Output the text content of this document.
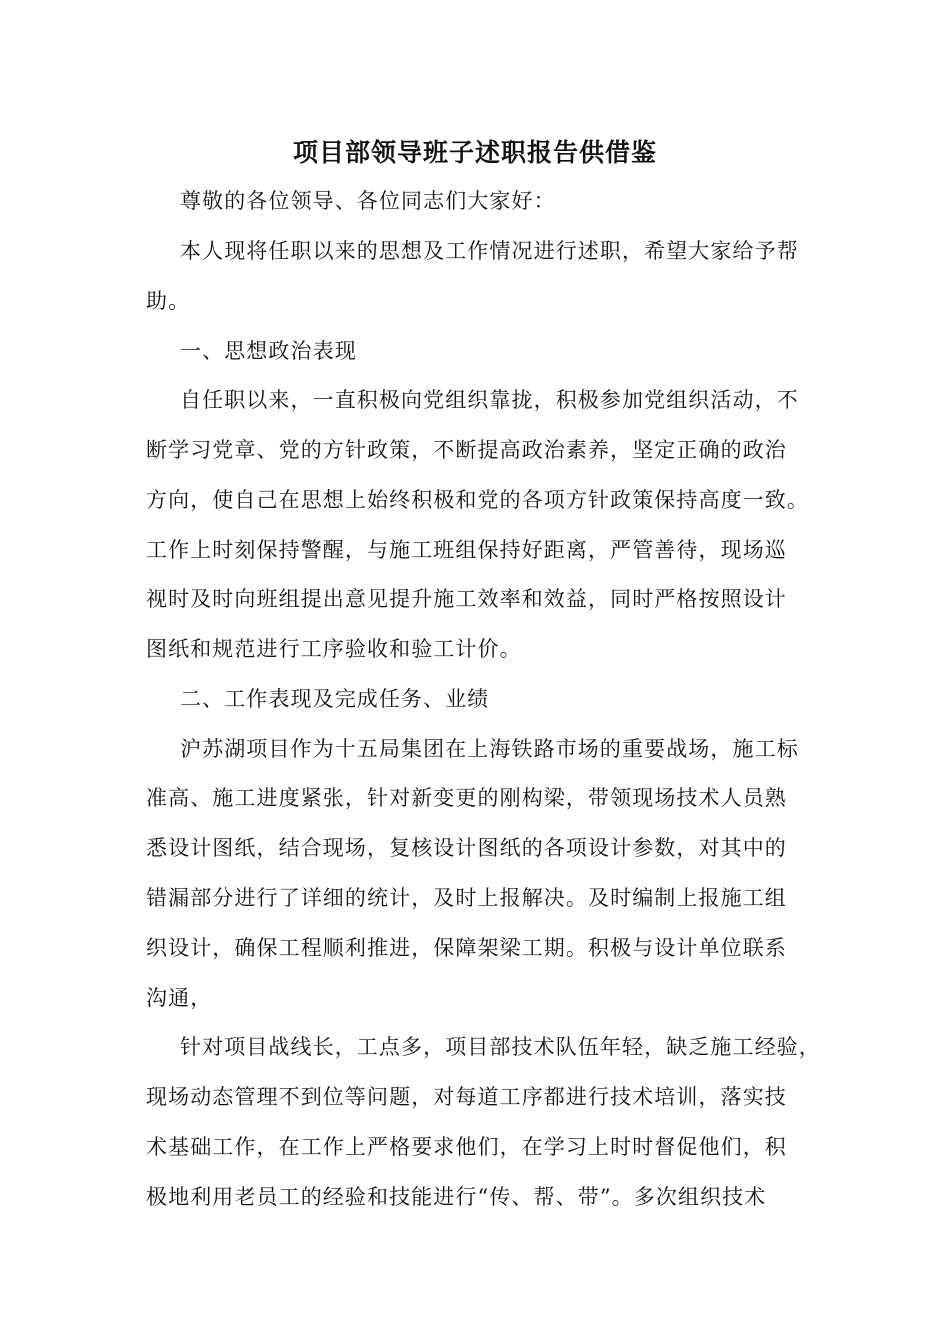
项目部领导班子述职报告供借鉴
尊敬的各位领导、各位同志们大家好：
本人现将任职以来的思想及工作情况进行述职，希望大家给予帮
助。
一、思想政治表现
自任职以来，一直积极向党组织靠拢，积极参加党组织活动，不
断学习党章、党的方针政策，不断提高政治素养，坚定正确的政治
方向，使自己在思想上始终积极和党的各项方针政策保持高度一致。
工作上时刻保持警醒，与施工班组保持好距离，严管善待，现场巡
视时及时向班组提出意见提升施工效率和效益，同时严格按照设计
图纸和规范进行工序验收和验工计价。
二、工作表现及完成任务、业绩
沪苏湖项目作为十五局集团在上海铁路市场的重要战场，施工标
准高、施工进度紧张，针对新变更的刚构梁，带领现场技术人员熟
悉设计图纸，结合现场，复核设计图纸的各项设计参数，对其中的
错漏部分进行了详细的统计，及时上报解决。及时编制上报施工组
织设计，确保工程顺利推进，保障架梁工期。积极与设计单位联系
沟通，
针对项目战线长，工点多，项目部技术队伍年轻，缺乏施工经验，
现场动态管理不到位等问题，对每道工序都进行技术培训，落实技
术基础工作，在工作上严格要求他们，在学习上时时督促他们，积
极地利用老员工的经验和技能进行“传、帮、带”。多次组织技术
